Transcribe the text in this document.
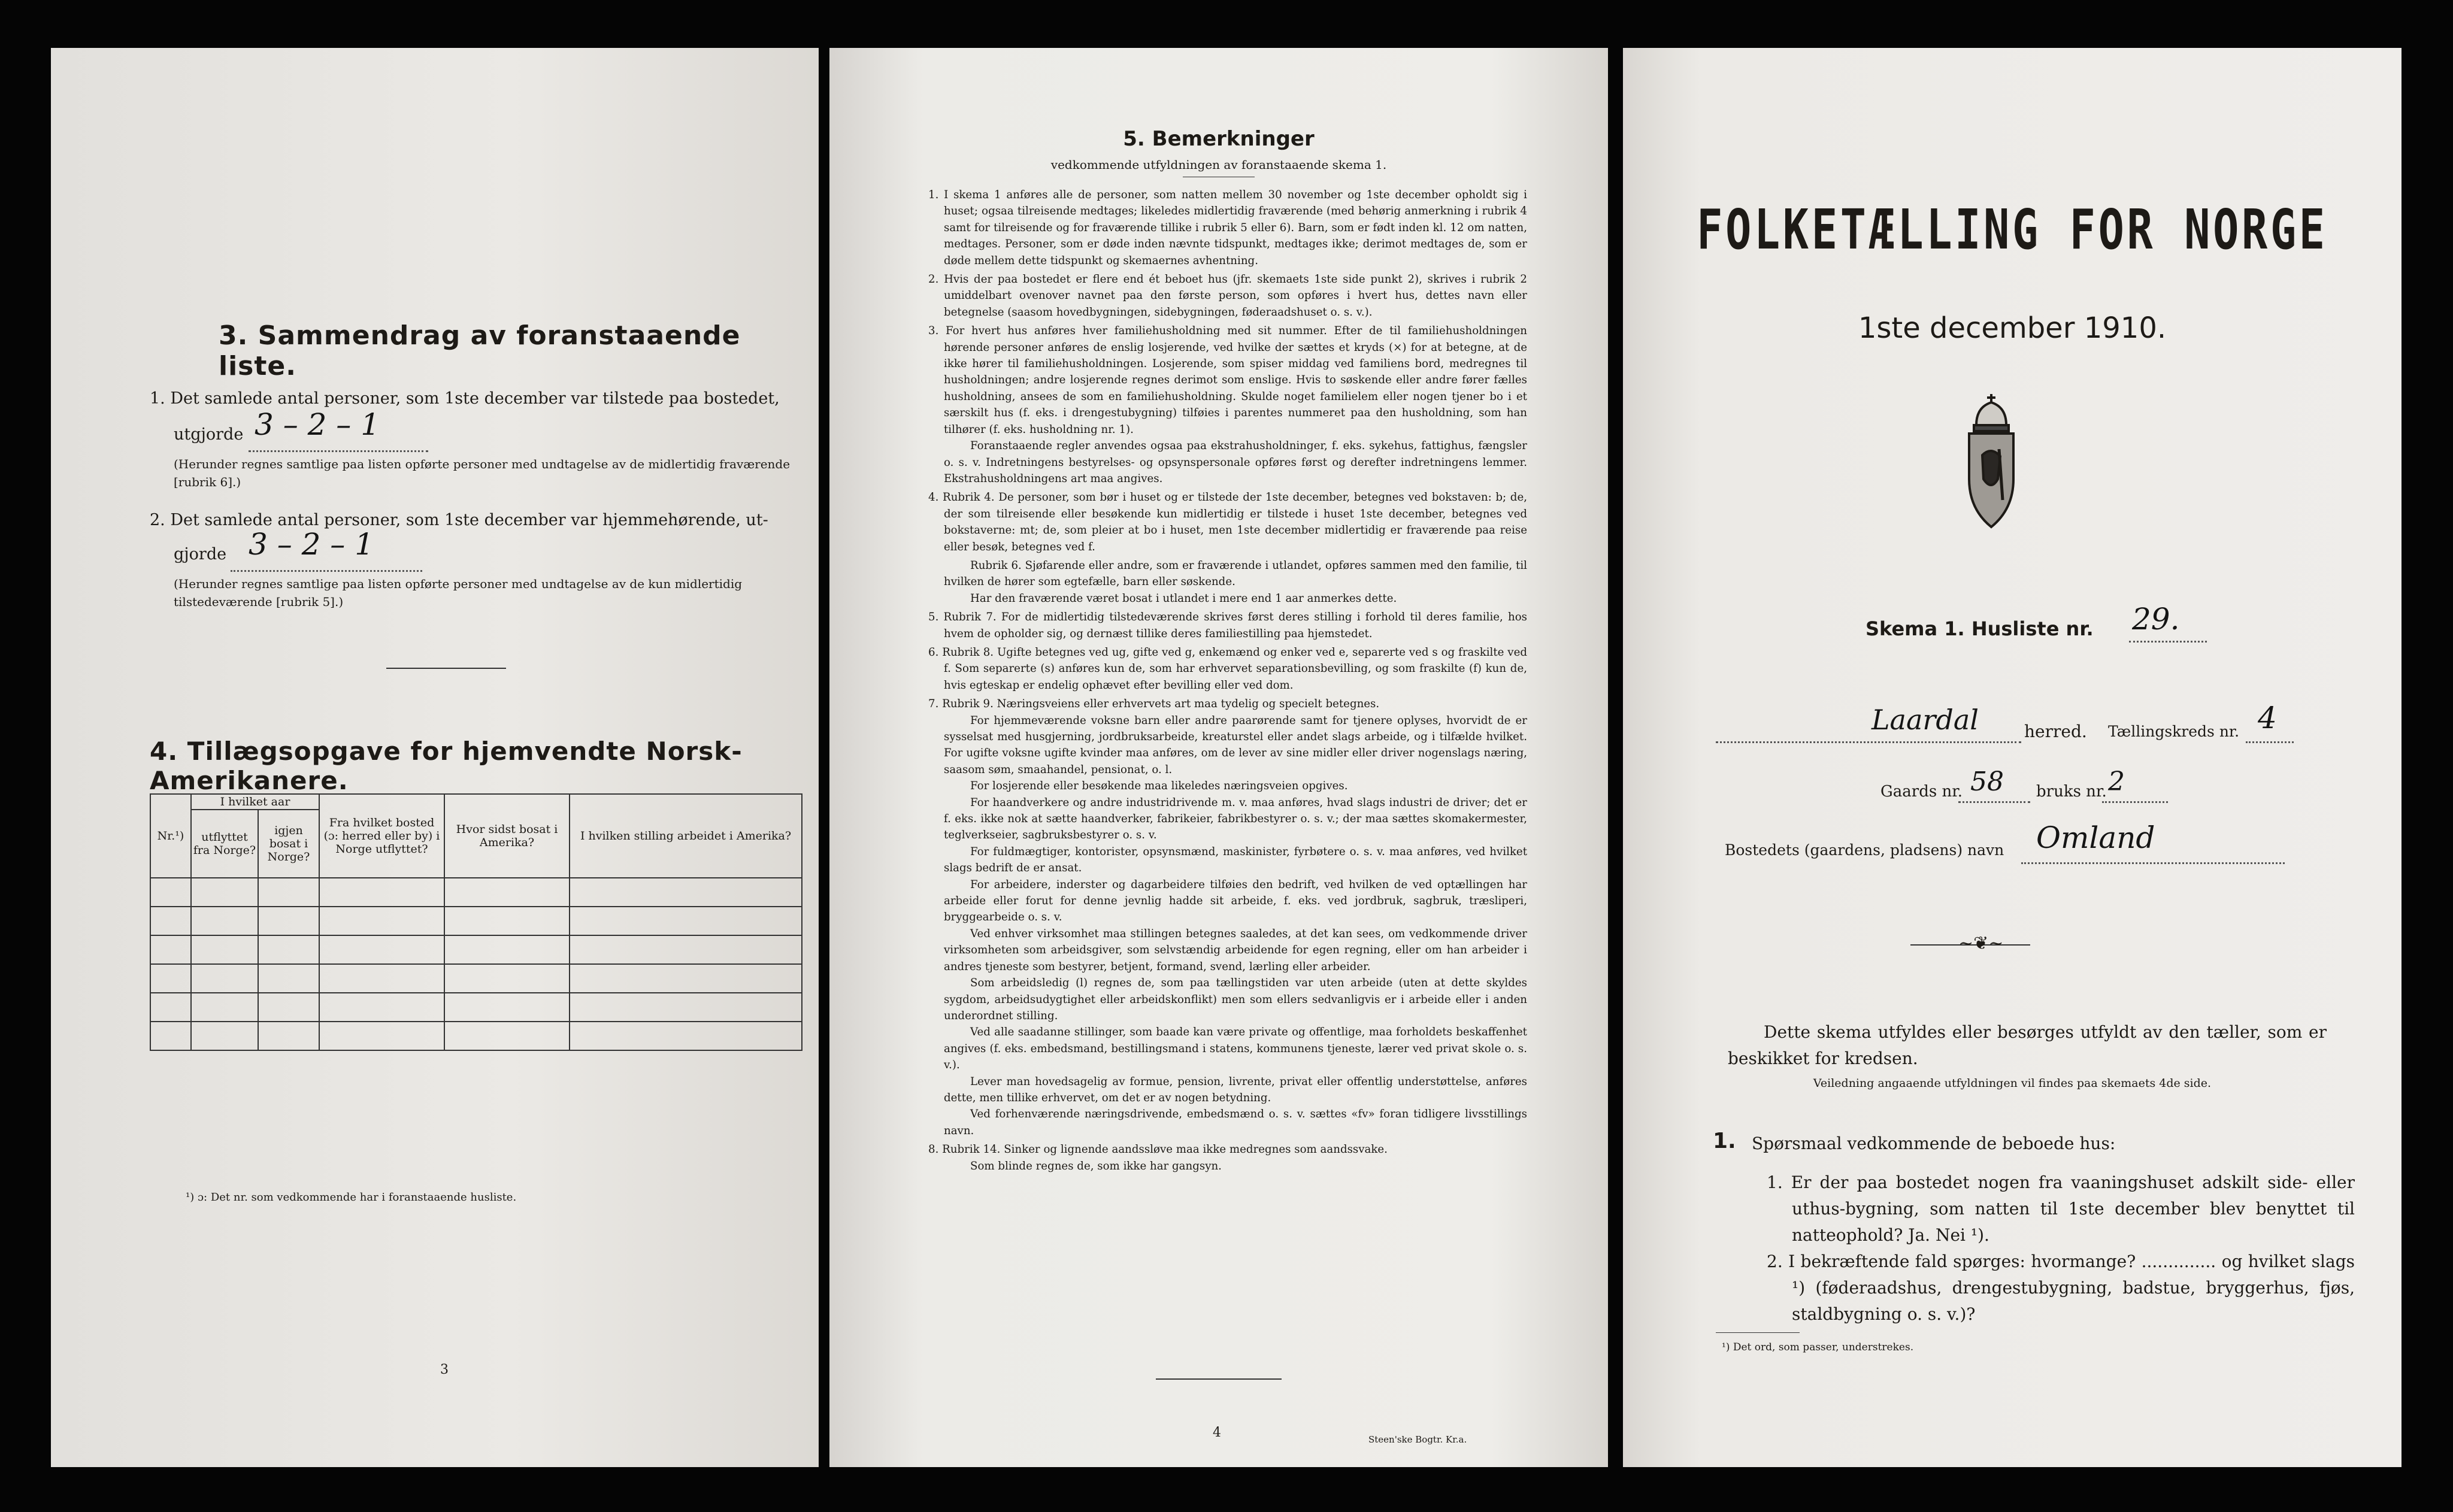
3. Sammendrag av foranstaaende liste.
1. Det samlede antal personer, som 1ste december var tilstede paa bostedet,
utgjorde 3 – 2 – 1
(Herunder regnes samtlige paa listen opførte personer med undtagelse av de midlertidig fraværende [rubrik 6].)
2. Det samlede antal personer, som 1ste december var hjemmehørende, ut-
gjorde 3 – 2 – 1
(Herunder regnes samtlige paa listen opførte personer med undtagelse av de kun midlertidig tilstedeværende [rubrik 5].)
4. Tillægsopgave for hjemvendte Norsk-Amerikanere.
Nr.¹)	I hvilket aar		Fra hvilket bosted (ɔ: herred eller by) i Norge utflyttet?	Hvor sidst bosat i Amerika?	I hvilken stilling arbeidet i Amerika?
	utflyttet fra Norge?	igjen bosat i Norge?			

¹) ɔ: Det nr. som vedkommende har i foranstaaende husliste.
3
5. Bemerkninger
vedkommende utfyldningen av foranstaaende skema 1.

1. I skema 1 anføres alle de personer, som natten mellem 30 november og 1ste december opholdt sig i huset; ogsaa tilreisende medtages; likeledes midlertidig fraværende (med behørig anmerkning i rubrik 4 samt for tilreisende og for fraværende tillike i rubrik 5 eller 6). Barn, som er født inden kl. 12 om natten, medtages. Personer, som er døde inden nævnte tidspunkt, medtages ikke; derimot medtages de, som er døde mellem dette tidspunkt og skemaernes avhentning.

2. Hvis der paa bostedet er flere end ét beboet hus (jfr. skemaets 1ste side punkt 2), skrives i rubrik 2 umiddelbart ovenover navnet paa den første person, som opføres i hvert hus, dettes navn eller betegnelse (saasom hovedbygningen, sidebygningen, føderaadshuset o. s. v.).

3. For hvert hus anføres hver familiehusholdning med sit nummer. Efter de til familiehusholdningen hørende personer anføres de enslig losjerende, ved hvilke der sættes et kryds (×) for at betegne, at de ikke hører til familiehusholdningen. Losjerende, som spiser middag ved familiens bord, medregnes til husholdningen; andre losjerende regnes derimot som enslige. Hvis to søskende eller andre fører fælles husholdning, ansees de som en familiehusholdning. Skulde noget familielem eller nogen tjener bo i et særskilt hus (f. eks. i drengestubygning) tilføies i parentes nummeret paa den husholdning, som han tilhører (f. eks. husholdning nr. 1).

Foranstaaende regler anvendes ogsaa paa ekstrahusholdninger, f. eks. sykehus, fattighus, fængsler o. s. v. Indretningens bestyrelses- og opsynspersonale opføres først og derefter indretningens lemmer. Ekstrahusholdningens art maa angives.

4. Rubrik 4. De personer, som bør i huset og er tilstede der 1ste december, betegnes ved bokstaven: b; de, der som tilreisende eller besøkende kun midlertidig er tilstede i huset 1ste december, betegnes ved bokstaverne: mt; de, som pleier at bo i huset, men 1ste december midlertidig er fraværende paa reise eller besøk, betegnes ved f.

Rubrik 6. Sjøfarende eller andre, som er fraværende i utlandet, opføres sammen med den familie, til hvilken de hører som egtefælle, barn eller søskende.

Har den fraværende været bosat i utlandet i mere end 1 aar anmerkes dette.

5. Rubrik 7. For de midlertidig tilstedeværende skrives først deres stilling i forhold til deres familie, hos hvem de opholder sig, og dernæst tillike deres familiestilling paa hjemstedet.

6. Rubrik 8. Ugifte betegnes ved ug, gifte ved g, enkemænd og enker ved e, separerte ved s og fraskilte ved f. Som separerte (s) anføres kun de, som har erhvervet separationsbevilling, og som fraskilte (f) kun de, hvis egteskap er endelig ophævet efter bevilling eller ved dom.

7. Rubrik 9. Næringsveiens eller erhvervets art maa tydelig og specielt betegnes.

For hjemmeværende voksne barn eller andre paarørende samt for tjenere oplyses, hvorvidt de er sysselsat med husgjerning, jordbruksarbeide, kreaturstel eller andet slags arbeide, og i tilfælde hvilket. For ugifte voksne ugifte kvinder maa anføres, om de lever av sine midler eller driver nogenslags næring, saasom søm, smaahandel, pensionat, o. l.

For losjerende eller besøkende maa likeledes næringsveien opgives.

For haandverkere og andre industridrivende m. v. maa anføres, hvad slags industri de driver; det er f. eks. ikke nok at sætte haandverker, fabrikeier, fabrikbestyrer o. s. v.; der maa sættes skomakermester, teglverkseier, sagbruksbestyrer o. s. v.

For fuldmægtiger, kontorister, opsynsmænd, maskinister, fyrbøtere o. s. v. maa anføres, ved hvilket slags bedrift de er ansat.

For arbeidere, inderster og dagarbeidere tilføies den bedrift, ved hvilken de ved optællingen har arbeide eller forut for denne jevnlig hadde sit arbeide, f. eks. ved jordbruk, sagbruk, træsliperi, bryggearbeide o. s. v.

Ved enhver virksomhet maa stillingen betegnes saaledes, at det kan sees, om vedkommende driver virksomheten som arbeidsgiver, som selvstændig arbeidende for egen regning, eller om han arbeider i andres tjeneste som bestyrer, betjent, formand, svend, lærling eller arbeider.

Som arbeidsledig (l) regnes de, som paa tællingstiden var uten arbeide (uten at dette skyldes sygdom, arbeidsudygtighet eller arbeidskonflikt) men som ellers sedvanligvis er i arbeide eller i anden underordnet stilling.

Ved alle saadanne stillinger, som baade kan være private og offentlige, maa forholdets beskaffenhet angives (f. eks. embedsmand, bestillingsmand i statens, kommunens tjeneste, lærer ved privat skole o. s. v.).

Lever man hovedsagelig av formue, pension, livrente, privat eller offentlig understøttelse, anføres dette, men tillike erhvervet, om det er av nogen betydning.

Ved forhenværende næringsdrivende, embedsmænd o. s. v. sættes «fv» foran tidligere livsstillings navn.

8. Rubrik 14. Sinker og lignende aandssløve maa ikke medregnes som aandssvake.

Som blinde regnes de, som ikke har gangsyn.

4	Steen'ske Bogtr. Kr.a.
FOLKETÆLLING FOR NORGE
1ste december 1910.
Skema 1. Husliste nr. 29.
Laardal	herred. Tællingskreds nr. 4
Gaards nr. 58 bruks nr. 2
Bostedets (gaardens, pladsens) navn Omland
~❦~
Dette skema utfyldes eller besørges utfyldt av den tæller, som er beskikket for kredsen.
Veiledning angaaende utfyldningen vil findes paa skemaets 4de side.
1. Spørsmaal vedkommende de beboede hus:
1. Er der paa bostedet nogen fra vaaningshuset adskilt side- eller uthus-bygning, som natten til 1ste december blev benyttet til natteophold? Ja. Nei ¹).
2. I bekræftende fald spørges: hvormange? .............. og hvilket slags ¹) (føderaadshus, drengestubygning, badstue, bryggerhus, fjøs, staldbygning o. s. v.)?
¹) Det ord, som passer, understrekes.
